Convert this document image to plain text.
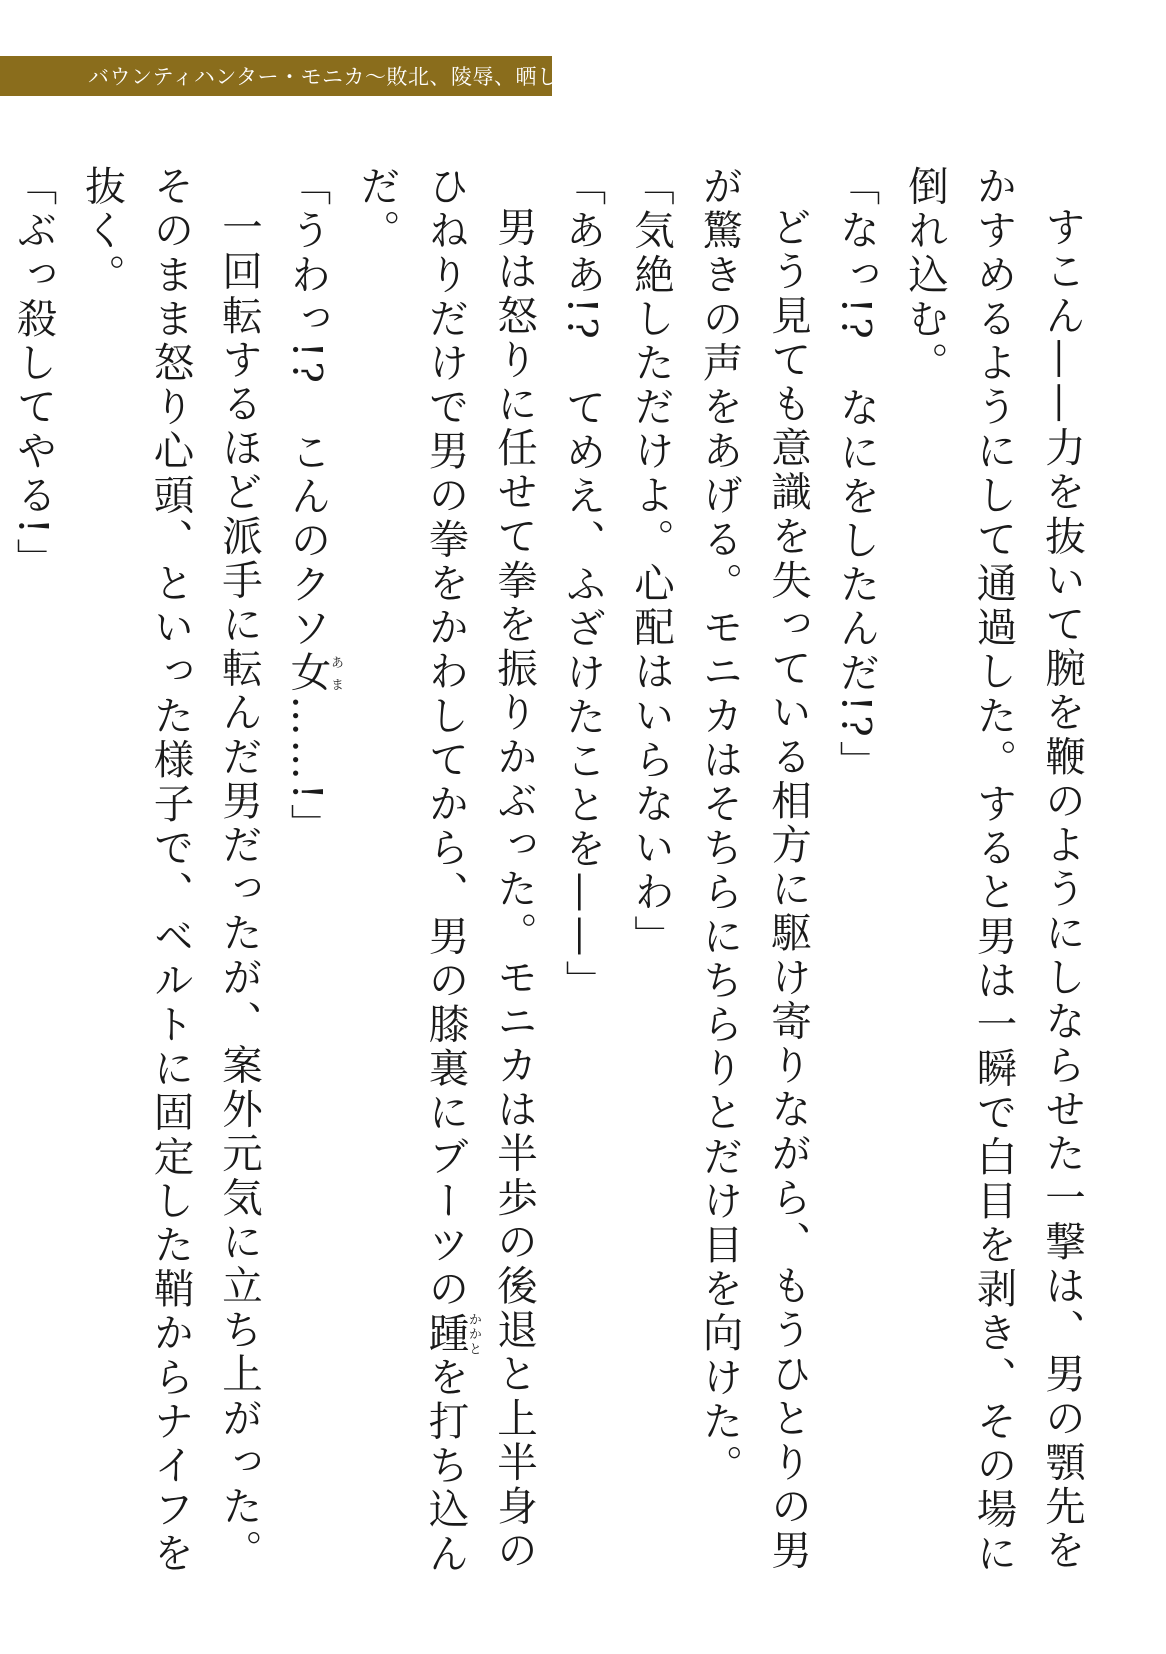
バウンティハンター・モニカ〜敗北、陵辱、晒し者〜

すこん——力を抜いて腕を鞭のようにしならせた一撃は、男の顎先をかすめるようにして通過した。すると男は一瞬で白目を剥き、その場に倒れ込む。

「なっ!?　なにをしたんだ!?」

どう見ても意識を失っている相方に駆け寄りながら、もうひとりの男が驚きの声をあげる。モニカはそちらにちらりとだけ目を向けた。

「気絶しただけよ。心配はいらないわ」

「ああ!?　てめえ、ふざけたことを——」

男は怒りに任せて拳を振りかぶった。モニカは半歩の後退と上半身のひねりだけで男の拳をかわしてから、男の膝裏にブーツの踵かかとを打ち込んだ。

「うわっ!?　こんのクソ女あま……!」

一回転するほど派手に転んだ男だったが、案外元気に立ち上がった。そのまま怒り心頭、といった様子で、ベルトに固定した鞘からナイフを抜く。

「ぶっ殺してやる!」
